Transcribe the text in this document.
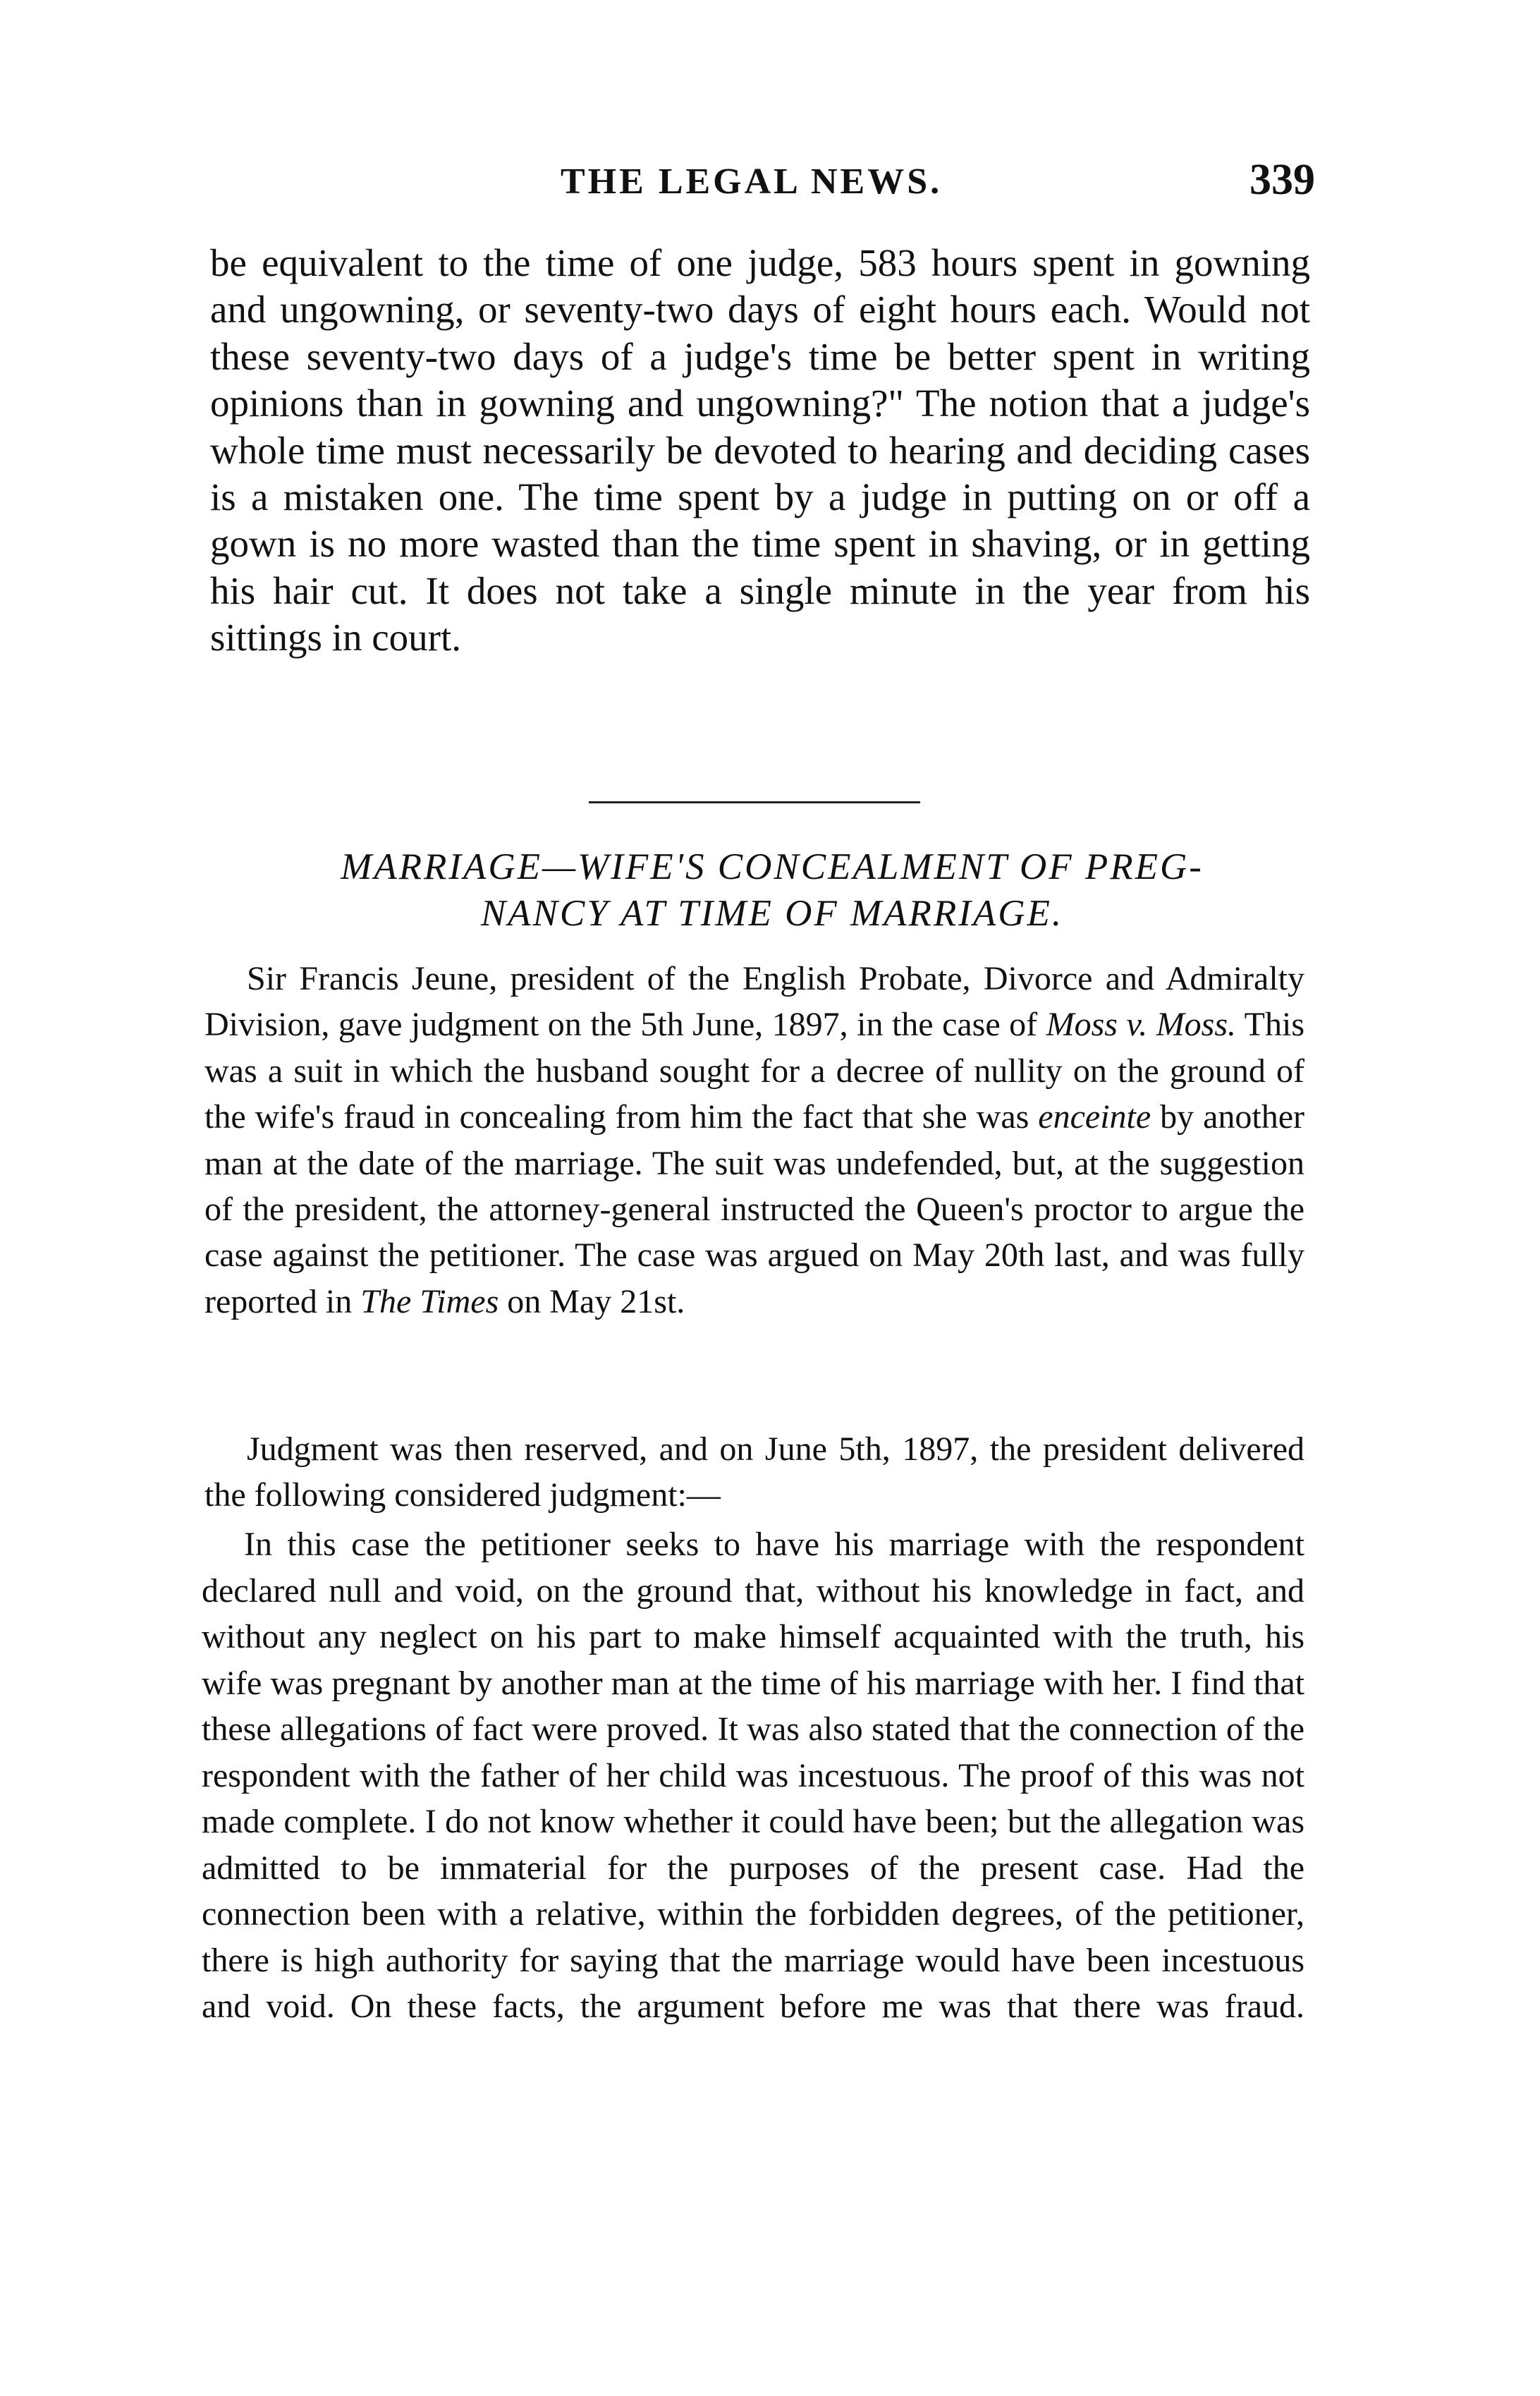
THE LEGAL NEWS.	339

be equivalent to the time of one judge, 583 hours spent in gowning and ungowning, or seventy-two days of eight hours each. Would not these seventy-two days of a judge's time be better spent in writing opinions than in gowning and ungowning?" The notion that a judge's whole time must necessarily be devoted to hearing and deciding cases is a mistaken one. The time spent by a judge in putting on or off a gown is no more wasted than the time spent in shaving, or in getting his hair cut. It does not take a single minute in the year from his sittings in court.

MARRIAGE—WIFE'S CONCEALMENT OF PREG-
NANCY AT TIME OF MARRIAGE.

Sir Francis Jeune, president of the English Probate, Divorce and Admiralty Division, gave judgment on the 5th June, 1897, in the case of Moss v. Moss. This was a suit in which the husband sought for a decree of nullity on the ground of the wife's fraud in concealing from him the fact that she was enceinte by another man at the date of the marriage. The suit was undefended, but, at the suggestion of the president, the attorney-general instructed the Queen's proctor to argue the case against the petitioner. The case was argued on May 20th last, and was fully reported in The Times on May 21st.

Judgment was then reserved, and on June 5th, 1897, the president delivered the following considered judgment:—

In this case the petitioner seeks to have his marriage with the respondent declared null and void, on the ground that, without his knowledge in fact, and without any neglect on his part to make himself acquainted with the truth, his wife was pregnant by another man at the time of his marriage with her. I find that these allegations of fact were proved. It was also stated that the connection of the respondent with the father of her child was incestuous. The proof of this was not made complete. I do not know whether it could have been; but the allegation was admitted to be immaterial for the purposes of the present case. Had the connection been with a relative, within the forbidden degrees, of the petitioner, there is high authority for saying that the marriage would have been incestuous and void. On these facts, the argument before me was that there was fraud.
